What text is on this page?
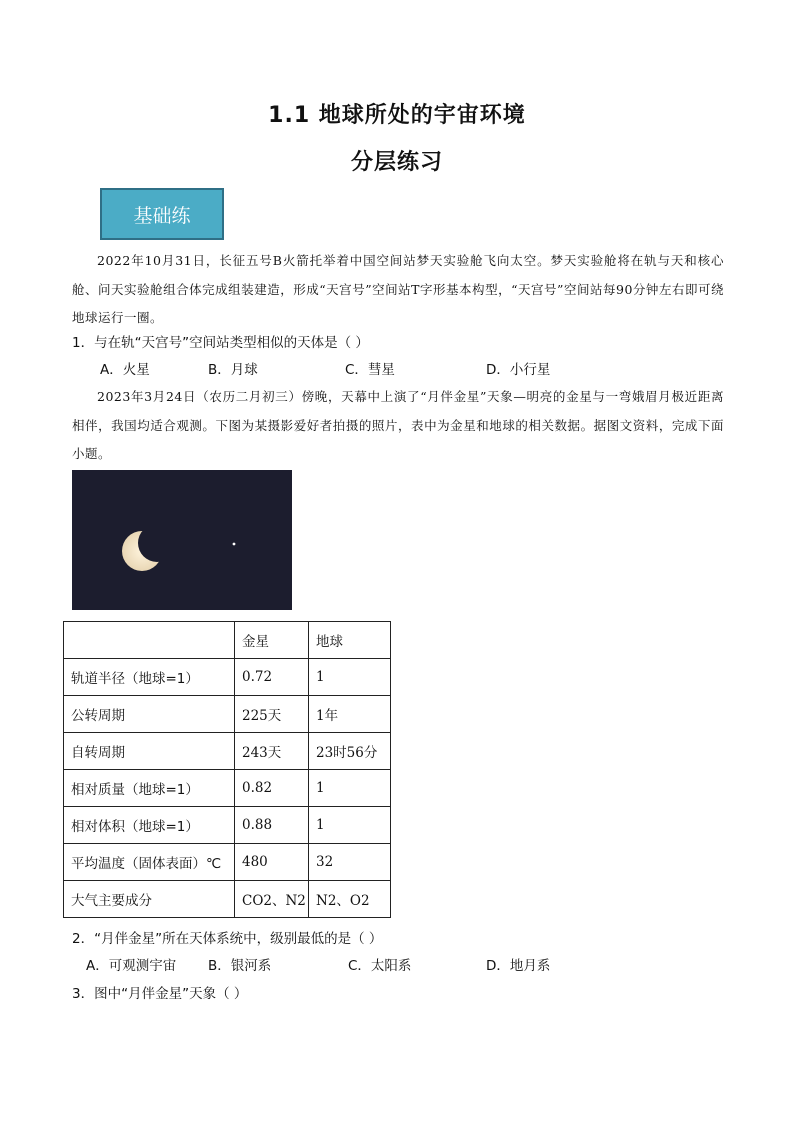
1.1 地球所处的宇宙环境
分层练习
基础练
2022年10月31日，长征五号B火箭托举着中国空间站梦天实验舱飞向太空。梦天实验舱将在轨与天和核心舱、问天实验舱组合体完成组装建造，形成“天宫号”空间站T字形基本构型，“天宫号”空间站每90分钟左右即可绕地球运行一圈。
1．与在轨“天宫号”空间站类型相似的天体是（ ）
A．火星	B．月球	C．彗星	D．小行星
2023年3月24日（农历二月初三）傍晚，天幕中上演了“月伴金星”天象—明亮的金星与一弯娥眉月极近距离相伴，我国均适合观测。下图为某摄影爱好者拍摄的照片，表中为金星和地球的相关数据。据图文资料，完成下面小题。
	金星	地球
轨道半径（地球=1）	0.72	1
公转周期	225天	1年
自转周期	243天	23时56分
相对质量（地球=1）	0.82	1
相对体积（地球=1）	0.88	1
平均温度（固体表面）℃	480	32
大气主要成分	CO2、N2	N2、O2
2．“月伴金星”所在天体系统中，级别最低的是（ ）
A．可观测宇宙 B．银河系	C．太阳系	D．地月系
3．图中“月伴金星”天象（ ）
